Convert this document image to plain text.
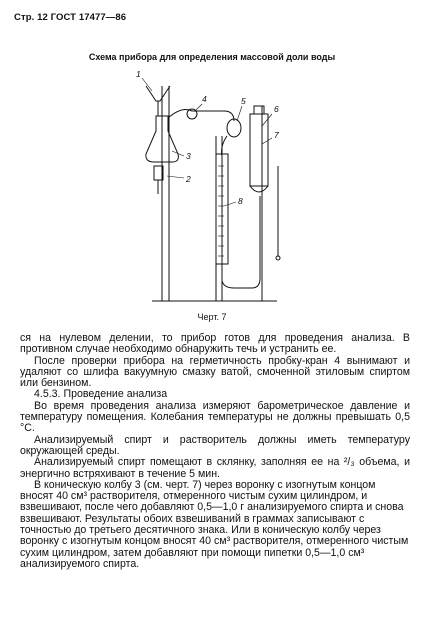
Стр. 12 ГОСТ 17477—86
Схема прибора для определения массовой доли воды
1
2
3
4	5
6
7
8
Черт. 7

ся на нулевом делении, то прибор готов для проведения анализа. В противном случае необходимо обнаружить течь и устранить ее.

После проверки прибора на герметичность пробку-кран 4 вынимают и удаляют со шлифа вакуумную смазку ватой, смоченной этиловым спиртом или бензином.

4.5.3. Проведение анализа

Во время проведения анализа измеряют барометрическое давление и температуру помещения. Колебания температуры не должны превышать 0,5 °С.

Анализируемый спирт и растворитель должны иметь температуру окружающей среды.

Анализируемый спирт помещают в склянку, заполняя ее на ²/₃ объема, и энергично встряхивают в течение 5 мин.

В коническую колбу 3 (см. черт. 7) через воронку с изогнутым концом вносят 40 см³ растворителя, отмеренного чистым сухим цилиндром, и взвешивают, после чего добавляют 0,5—1,0 г анализируемого спирта и снова взвешивают. Результаты обоих взвешиваний в граммах записывают с точностью до третьего десятичного знака. Или в коническую колбу через воронку с изогнутым концом вносят 40 см³ растворителя, отмеренного чистым сухим цилиндром, затем добавляют при помощи пипетки 0,5—1,0 см³ анализируемого спирта.
